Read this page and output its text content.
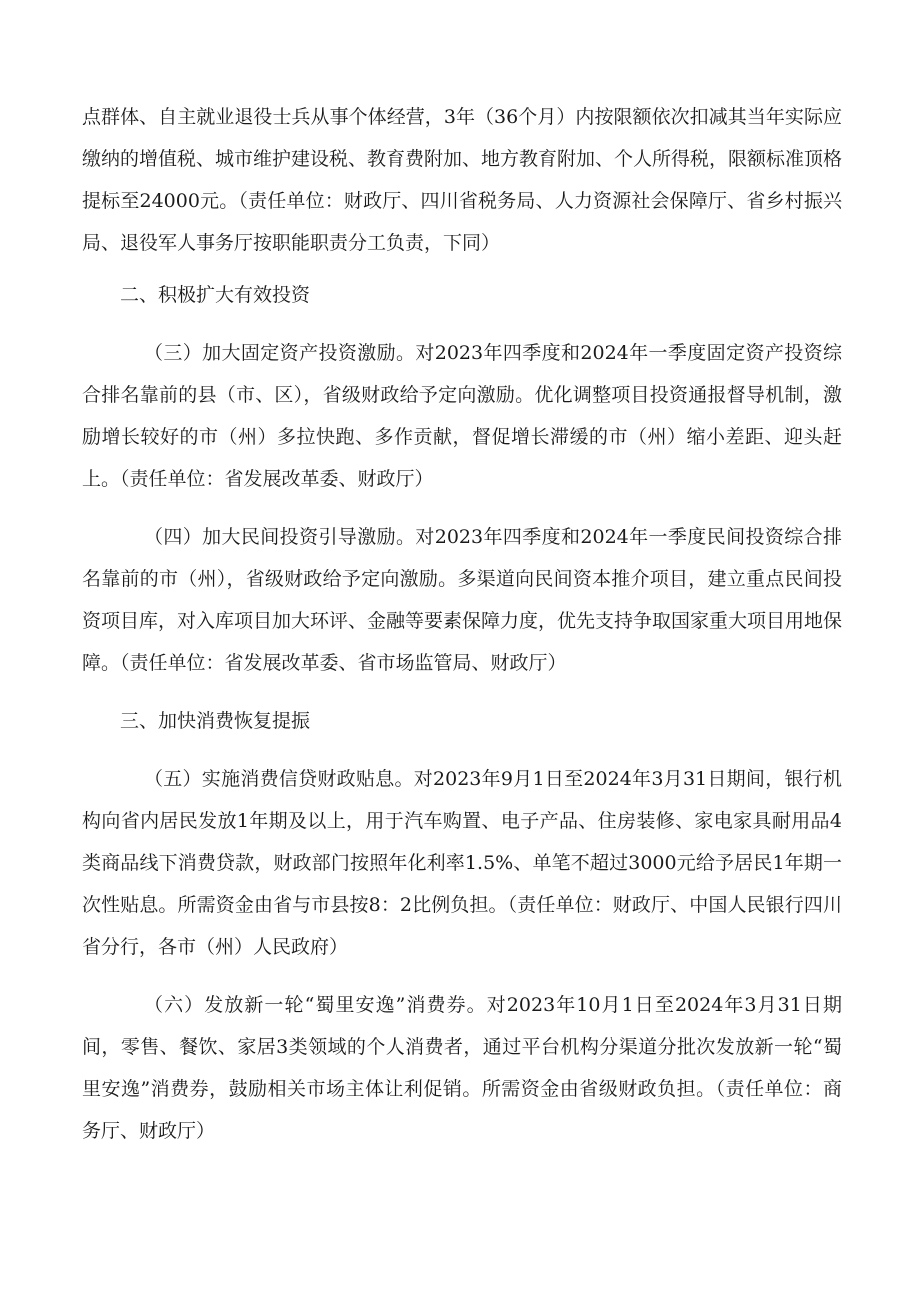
点群体、自主就业退役士兵从事个体经营，3年（36个月）内按限额依次扣减其当年实际应缴纳的增值税、城市维护建设税、教育费附加、地方教育附加、个人所得税，限额标准顶格提标至24000元。（责任单位：财政厅、四川省税务局、人力资源社会保障厅、省乡村振兴局、退役军人事务厅按职能职责分工负责，下同）

二、积极扩大有效投资

（三）加大固定资产投资激励。对2023年四季度和2024年一季度固定资产投资综合排名靠前的县（市、区），省级财政给予定向激励。优化调整项目投资通报督导机制，激励增长较好的市（州）多拉快跑、多作贡献，督促增长滞缓的市（州）缩小差距、迎头赶上。（责任单位：省发展改革委、财政厅）

（四）加大民间投资引导激励。对2023年四季度和2024年一季度民间投资综合排名靠前的市（州），省级财政给予定向激励。多渠道向民间资本推介项目，建立重点民间投资项目库，对入库项目加大环评、金融等要素保障力度，优先支持争取国家重大项目用地保障。（责任单位：省发展改革委、省市场监管局、财政厅）

三、加快消费恢复提振

（五）实施消费信贷财政贴息。对2023年9月1日至2024年3月31日期间，银行机构向省内居民发放1年期及以上，用于汽车购置、电子产品、住房装修、家电家具耐用品4类商品线下消费贷款，财政部门按照年化利率1.5%、单笔不超过3000元给予居民1年期一次性贴息。所需资金由省与市县按8：2比例负担。（责任单位：财政厅、中国人民银行四川省分行，各市（州）人民政府）

（六）发放新一轮“蜀里安逸”消费券。对2023年10月1日至2024年3月31日期间，零售、餐饮、家居3类领域的个人消费者，通过平台机构分渠道分批次发放新一轮“蜀里安逸”消费券，鼓励相关市场主体让利促销。所需资金由省级财政负担。（责任单位：商务厅、财政厅）
